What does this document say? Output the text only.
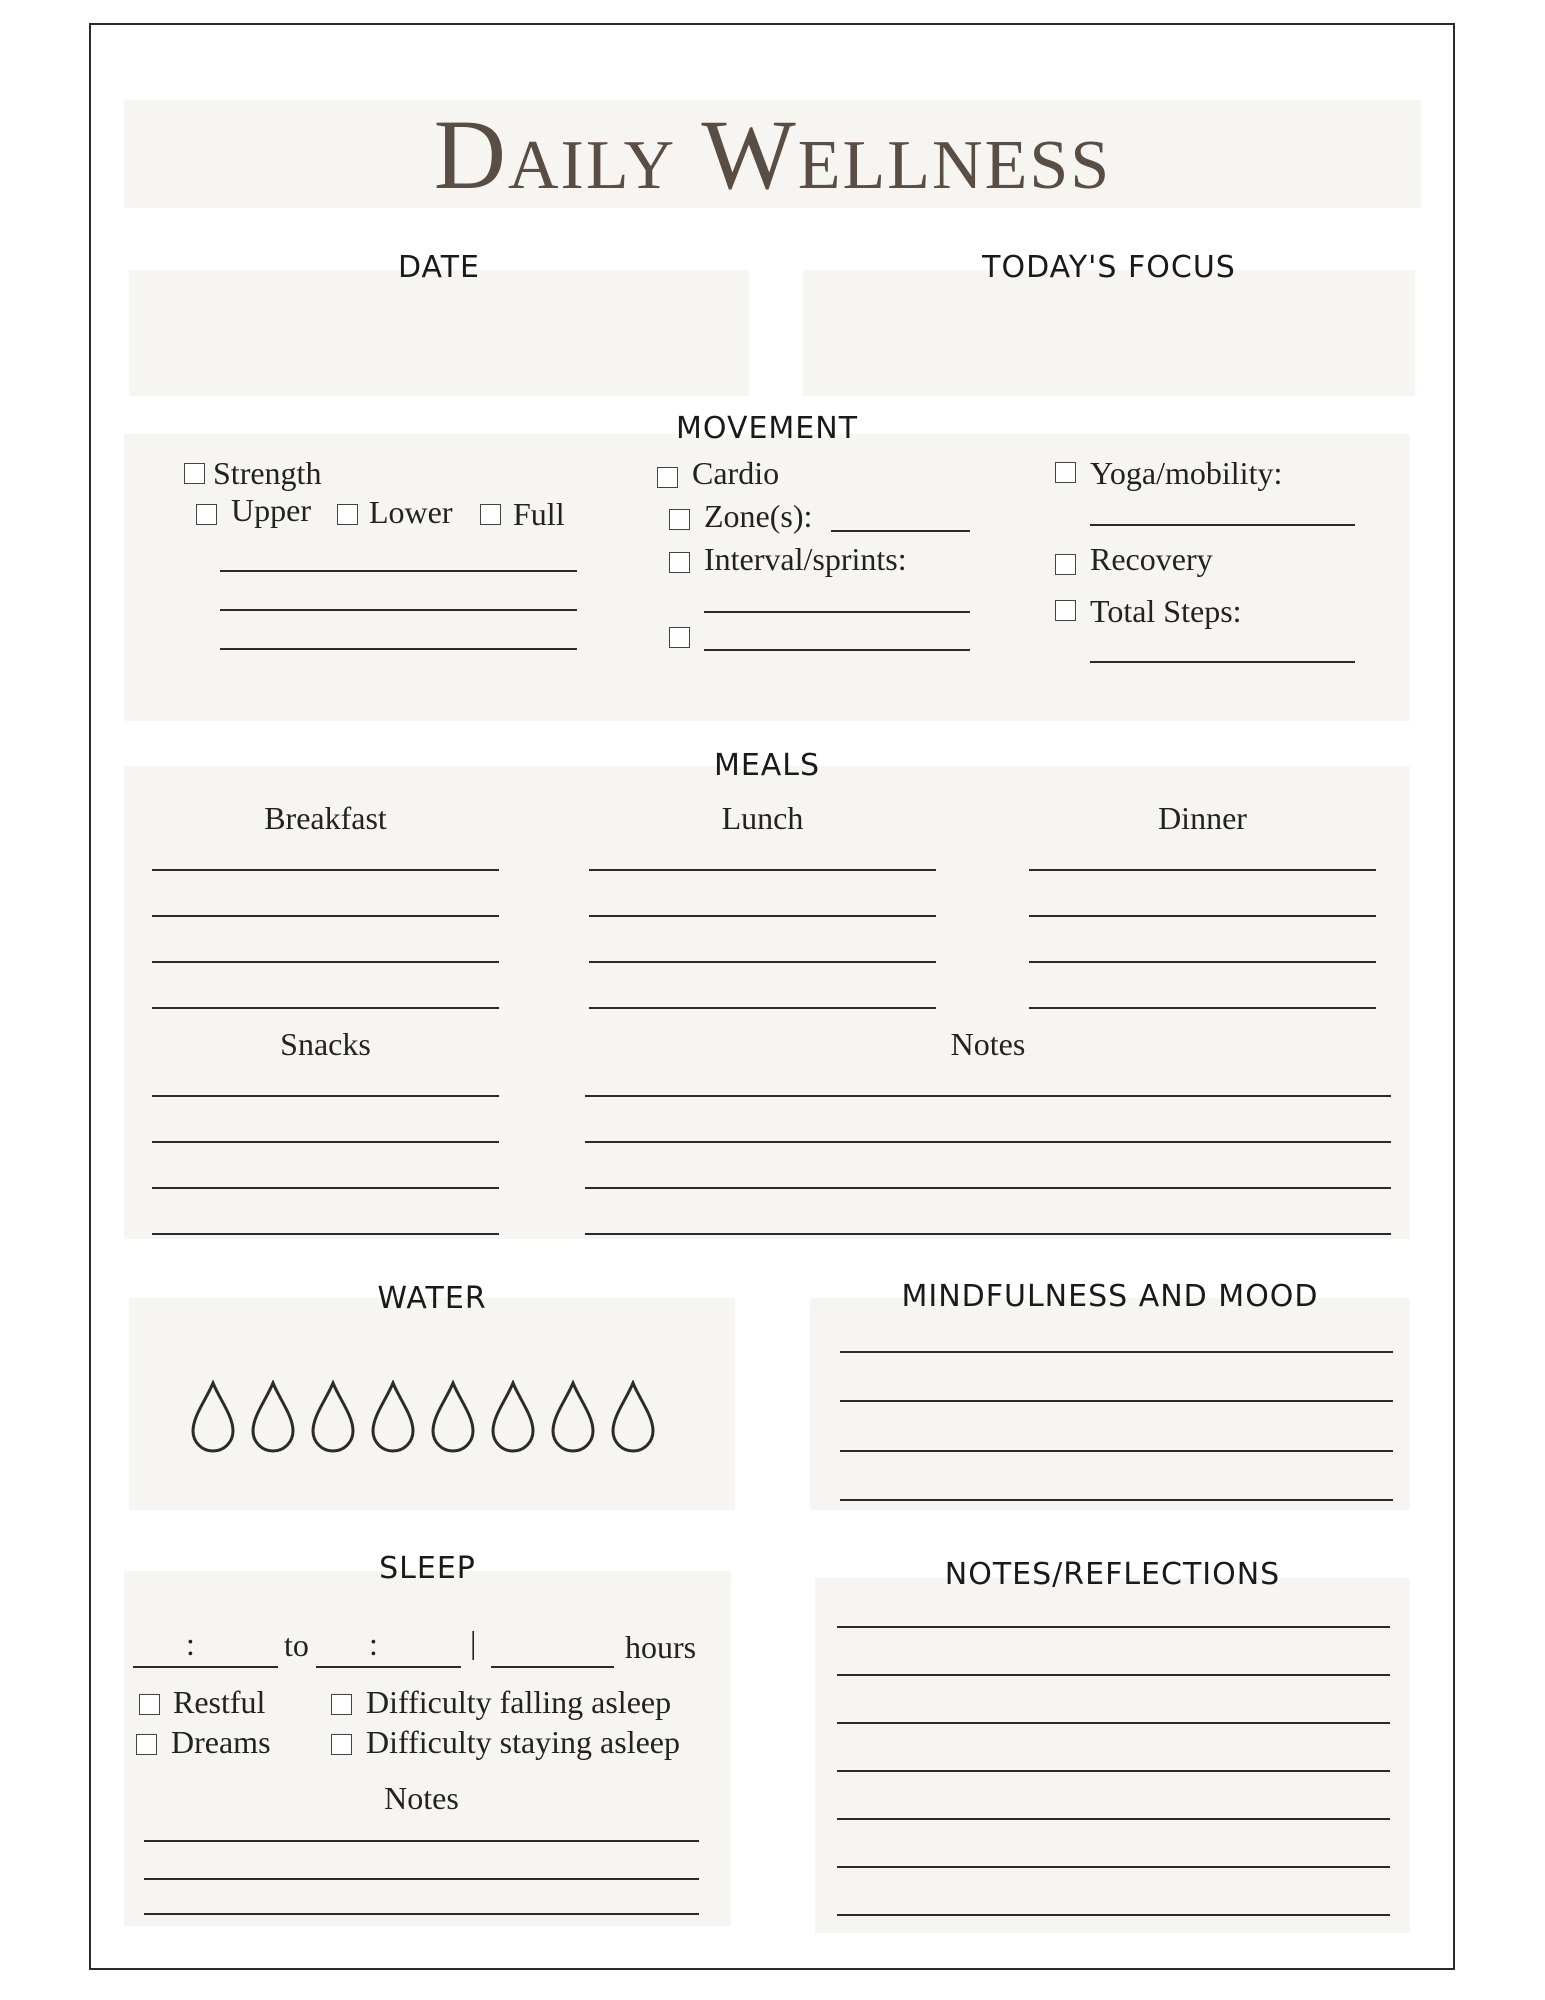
Daily Wellness
DATE	TODAY'S FOCUS
MOVEMENT
Strength
Upper Lower Full
Cardio
Zone(s):
Interval/sprints:
Yoga/mobility:
Recovery
Total Steps:
MEALS
Breakfast	Lunch	Dinner
Snacks	Notes
WATER	MINDFULNESS AND MOOD
SLEEP
:	to :	|	hours
Restful	Difficulty falling asleep
Dreams	Difficulty staying asleep
Notes
NOTES/REFLECTIONS
